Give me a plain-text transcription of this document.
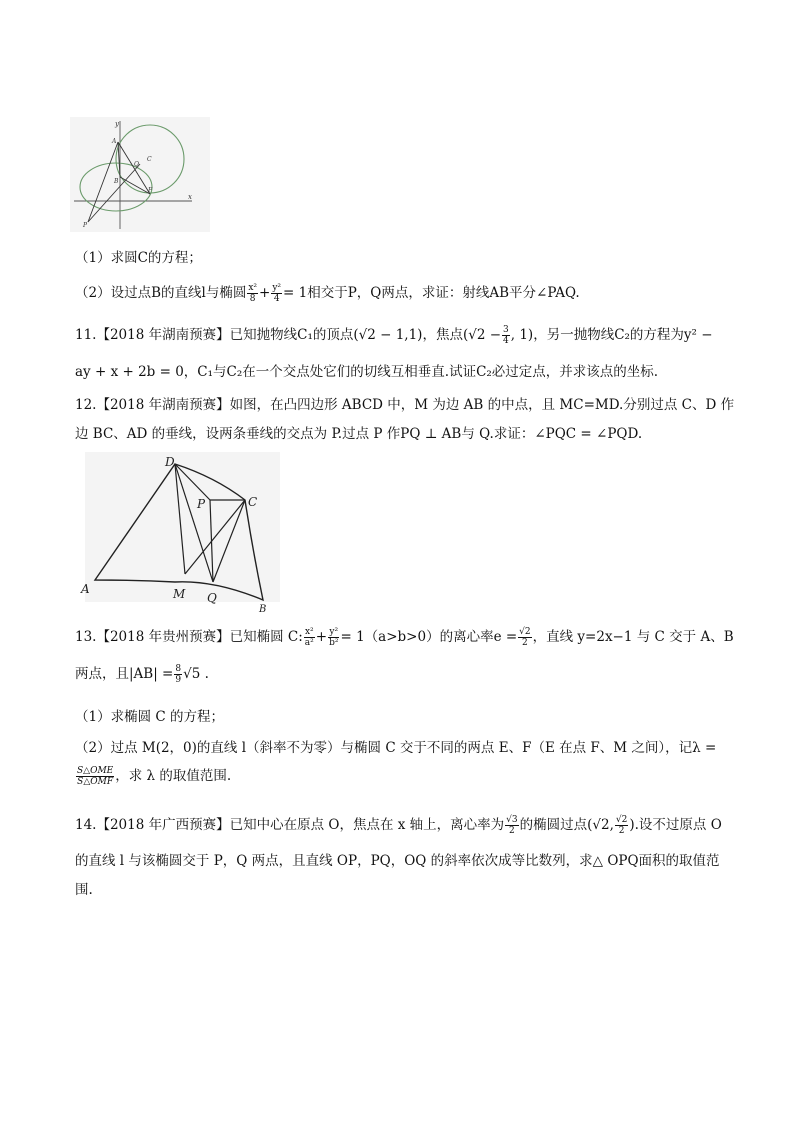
y
x
A
C
Q
B
F
P
（1）求圆C的方程；
（2）设过点B的直线l与椭圆 $\frac{\text{x²}}{8} + \frac{\text{y²}}{4} = 1$相交于P，Q两点，求证：射线AB平分∠PAQ.
11.【2018 年湖南预赛】已知抛物线C₁的顶点(√2 − 1,1)，焦点($√2 - \frac{3}{4}$ , 1)，另一抛物线C₂的方程为y² −
ay + x + 2b = 0，C₁与C₂在一个交点处它们的切线互相垂直.试证C₂必过定点，并求该点的坐标.
12.【2018 年湖南预赛】如图，在凸四边形 ABCD 中，M 为边 AB 的中点，且 MC=MD.分别过点 C、D 作
边 BC、AD 的垂线，设两条垂线的交点为 P.过点 P 作PQ ⊥ AB与 Q.求证：∠PQC = ∠PQD.
D
P	C
A	M Q
B
13.【2018 年贵州预赛】已知椭圆 C: $\frac{\text{x²}}{\text{a²}} + \frac{\text{y²}}{\text{b²}} = 1(a>b>0)$的离心率$e = \frac{√2}{2}$ ，直线 y=2x−1 与 C 交于 A、B
两点，且$|AB| = \frac{8}{9} √5$ .
（1）求椭圆 C 的方程；
（2）过点 M(2，0)的直线 l（斜率不为零）与椭圆 C 交于不同的两点 E、F（E 在点 F、M 之间），记λ =
$\frac{\text{S△OME}}{\text{S△OMF}}$ ，求 λ 的取值范围.
14.【2018 年广西预赛】已知中心在原点 O，焦点在 x 轴上，离心率为 $\frac{√3}{2}$ 的椭圆过点(√2, $\frac{√2}{2}$ ).设不过原点 O
的直线 l 与该椭圆交于 P，Q 两点，且直线 OP，PQ，OQ 的斜率依次成等比数列，求△ OPQ面积的取值范
围.
